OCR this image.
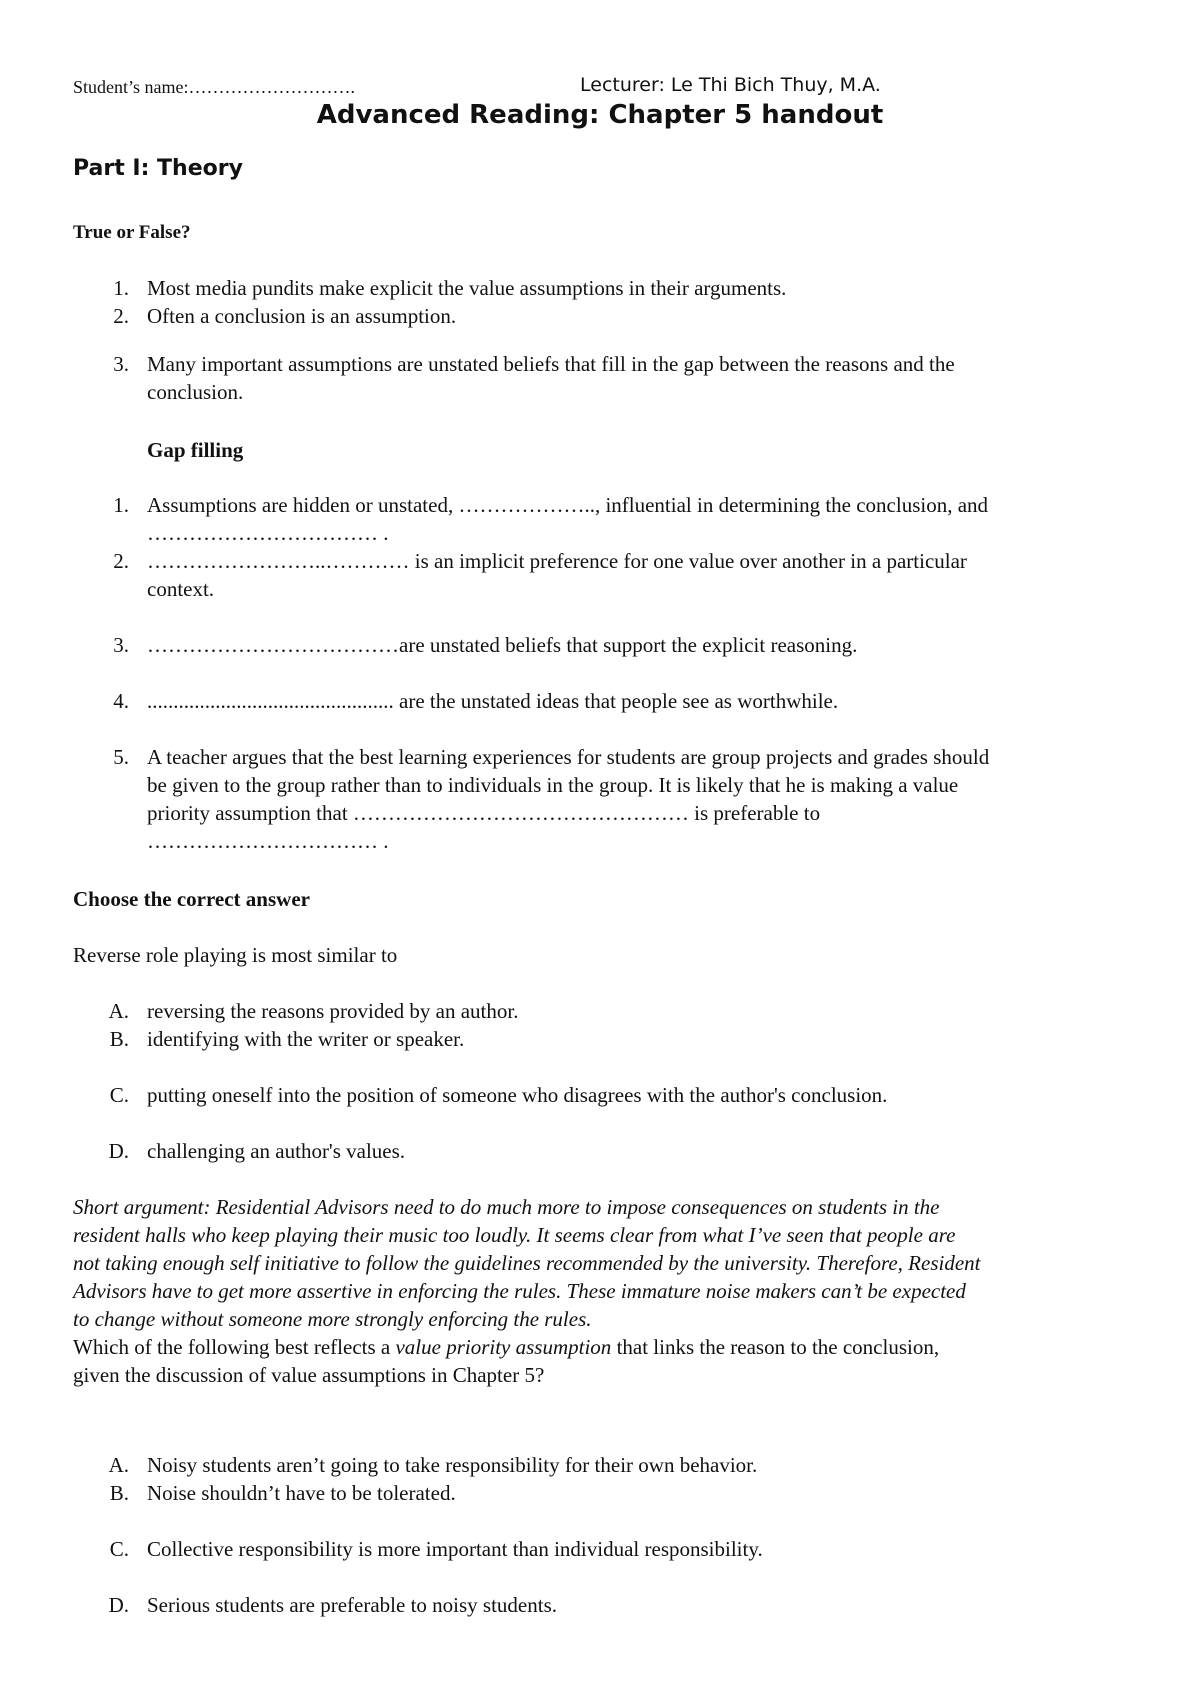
Student’s name:……………………….	Lecturer: Le Thi Bich Thuy, M.A.
Advanced Reading: Chapter 5 handout
Part I: Theory
True or False?
1. Most media pundits make explicit the value assumptions in their arguments.
2. Often a conclusion is an assumption.
3. Many important assumptions are unstated beliefs that fill in the gap between the reasons and the
conclusion.
Gap filling
1. Assumptions are hidden or unstated, ……………….., influential in determining the conclusion, and
…………………………… .
2. ……………………..………… is an implicit preference for one value over another in a particular
context.
3. ………………………………are unstated beliefs that support the explicit reasoning.
4. ............................................... are the unstated ideas that people see as worthwhile.
5. A teacher argues that the best learning experiences for students are group projects and grades should
be given to the group rather than to individuals in the group. It is likely that he is making a value
priority assumption that ………………………………………… is preferable to
…………………………… .
Choose the correct answer
Reverse role playing is most similar to
A. reversing the reasons provided by an author.
B. identifying with the writer or speaker.
C. putting oneself into the position of someone who disagrees with the author's conclusion.
D. challenging an author's values.
Short argument: Residential Advisors need to do much more to impose consequences on students in the
resident halls who keep playing their music too loudly. It seems clear from what I’ve seen that people are
not taking enough self initiative to follow the guidelines recommended by the university. Therefore, Resident
Advisors have to get more assertive in enforcing the rules. These immature noise makers can’t be expected
to change without someone more strongly enforcing the rules.
Which of the following best reflects a value priority assumption that links the reason to the conclusion,
given the discussion of value assumptions in Chapter 5?
A. Noisy students aren’t going to take responsibility for their own behavior.
B. Noise shouldn’t have to be tolerated.
C. Collective responsibility is more important than individual responsibility.
D. Serious students are preferable to noisy students.
